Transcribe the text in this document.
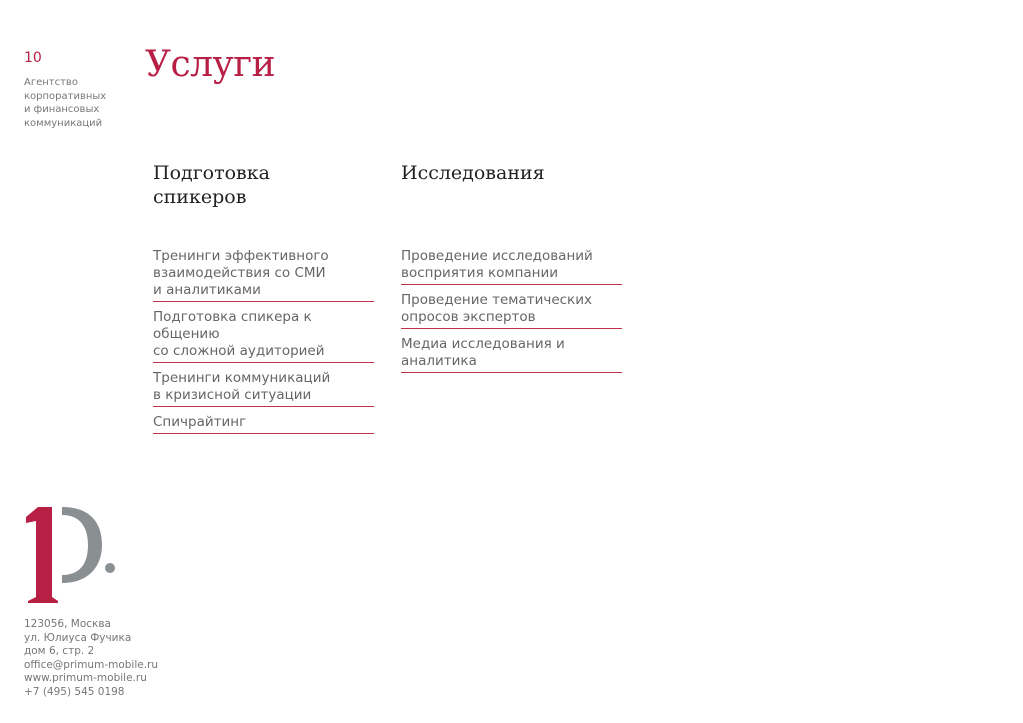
10
Агентство
корпоративных
и финансовых
коммуникаций
Услуги
Подготовка
спикеров
Тренинги эффективного
взаимодействия со СМИ
и аналитиками
Подготовка спикера к общению
со сложной аудиторией
Тренинги коммуникаций
в кризисной ситуации
Спичрайтинг
Исследования
Проведение исследований
восприятия компании
Проведение тематических
опросов экспертов
Медиа исследования и
аналитика
123056, Москва
ул. Юлиуса Фучика
дом 6, стр. 2
office@primum-mobile.ru
www.primum-mobile.ru
+7 (495) 545 0198
